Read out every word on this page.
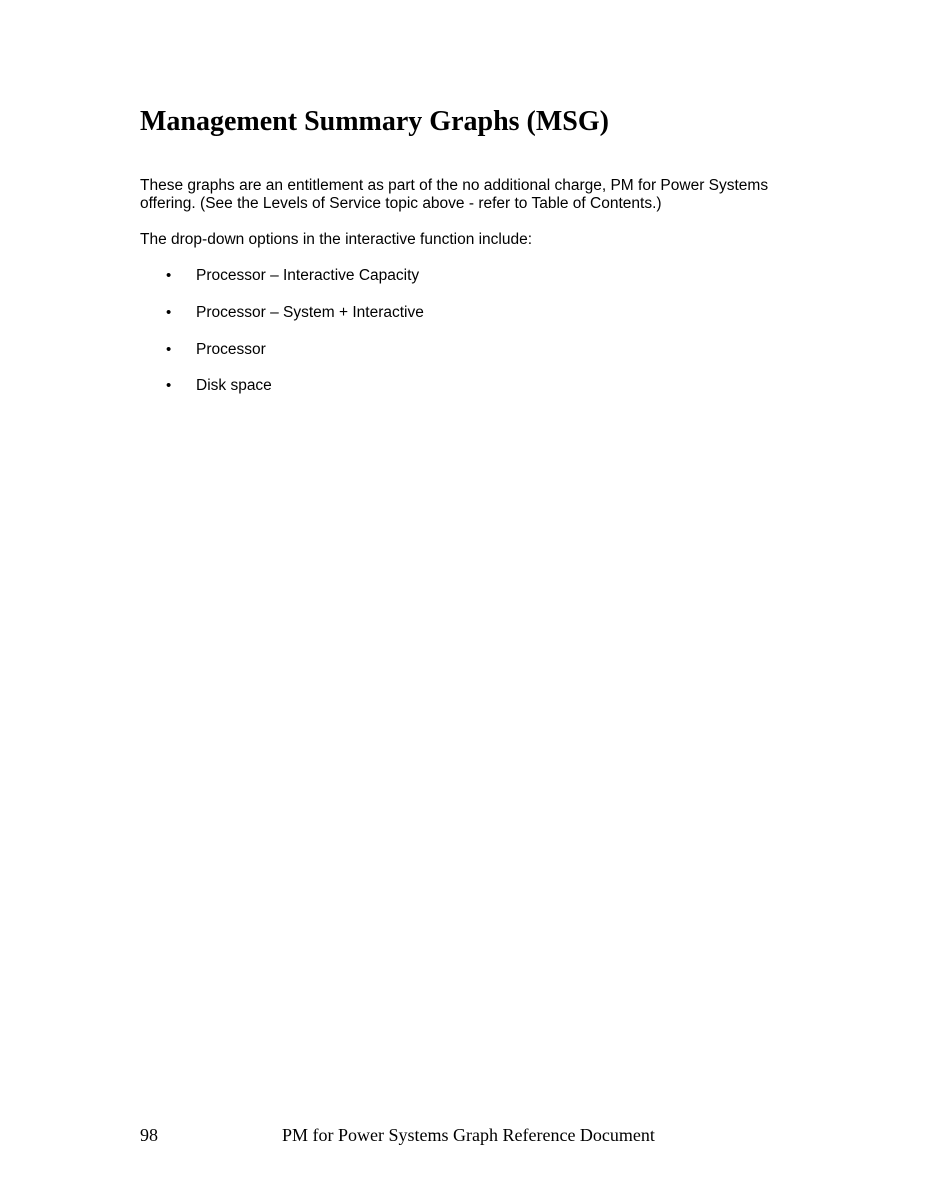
Management Summary Graphs (MSG)

These graphs are an entitlement as part of the no additional charge, PM for Power Systems offering. (See the Levels of Service topic above - refer to Table of Contents.)

The drop-down options in the interactive function include:

• Processor – Interactive Capacity
• Processor – System + Interactive
• Processor
• Disk space
98	PM for Power Systems Graph Reference Document
